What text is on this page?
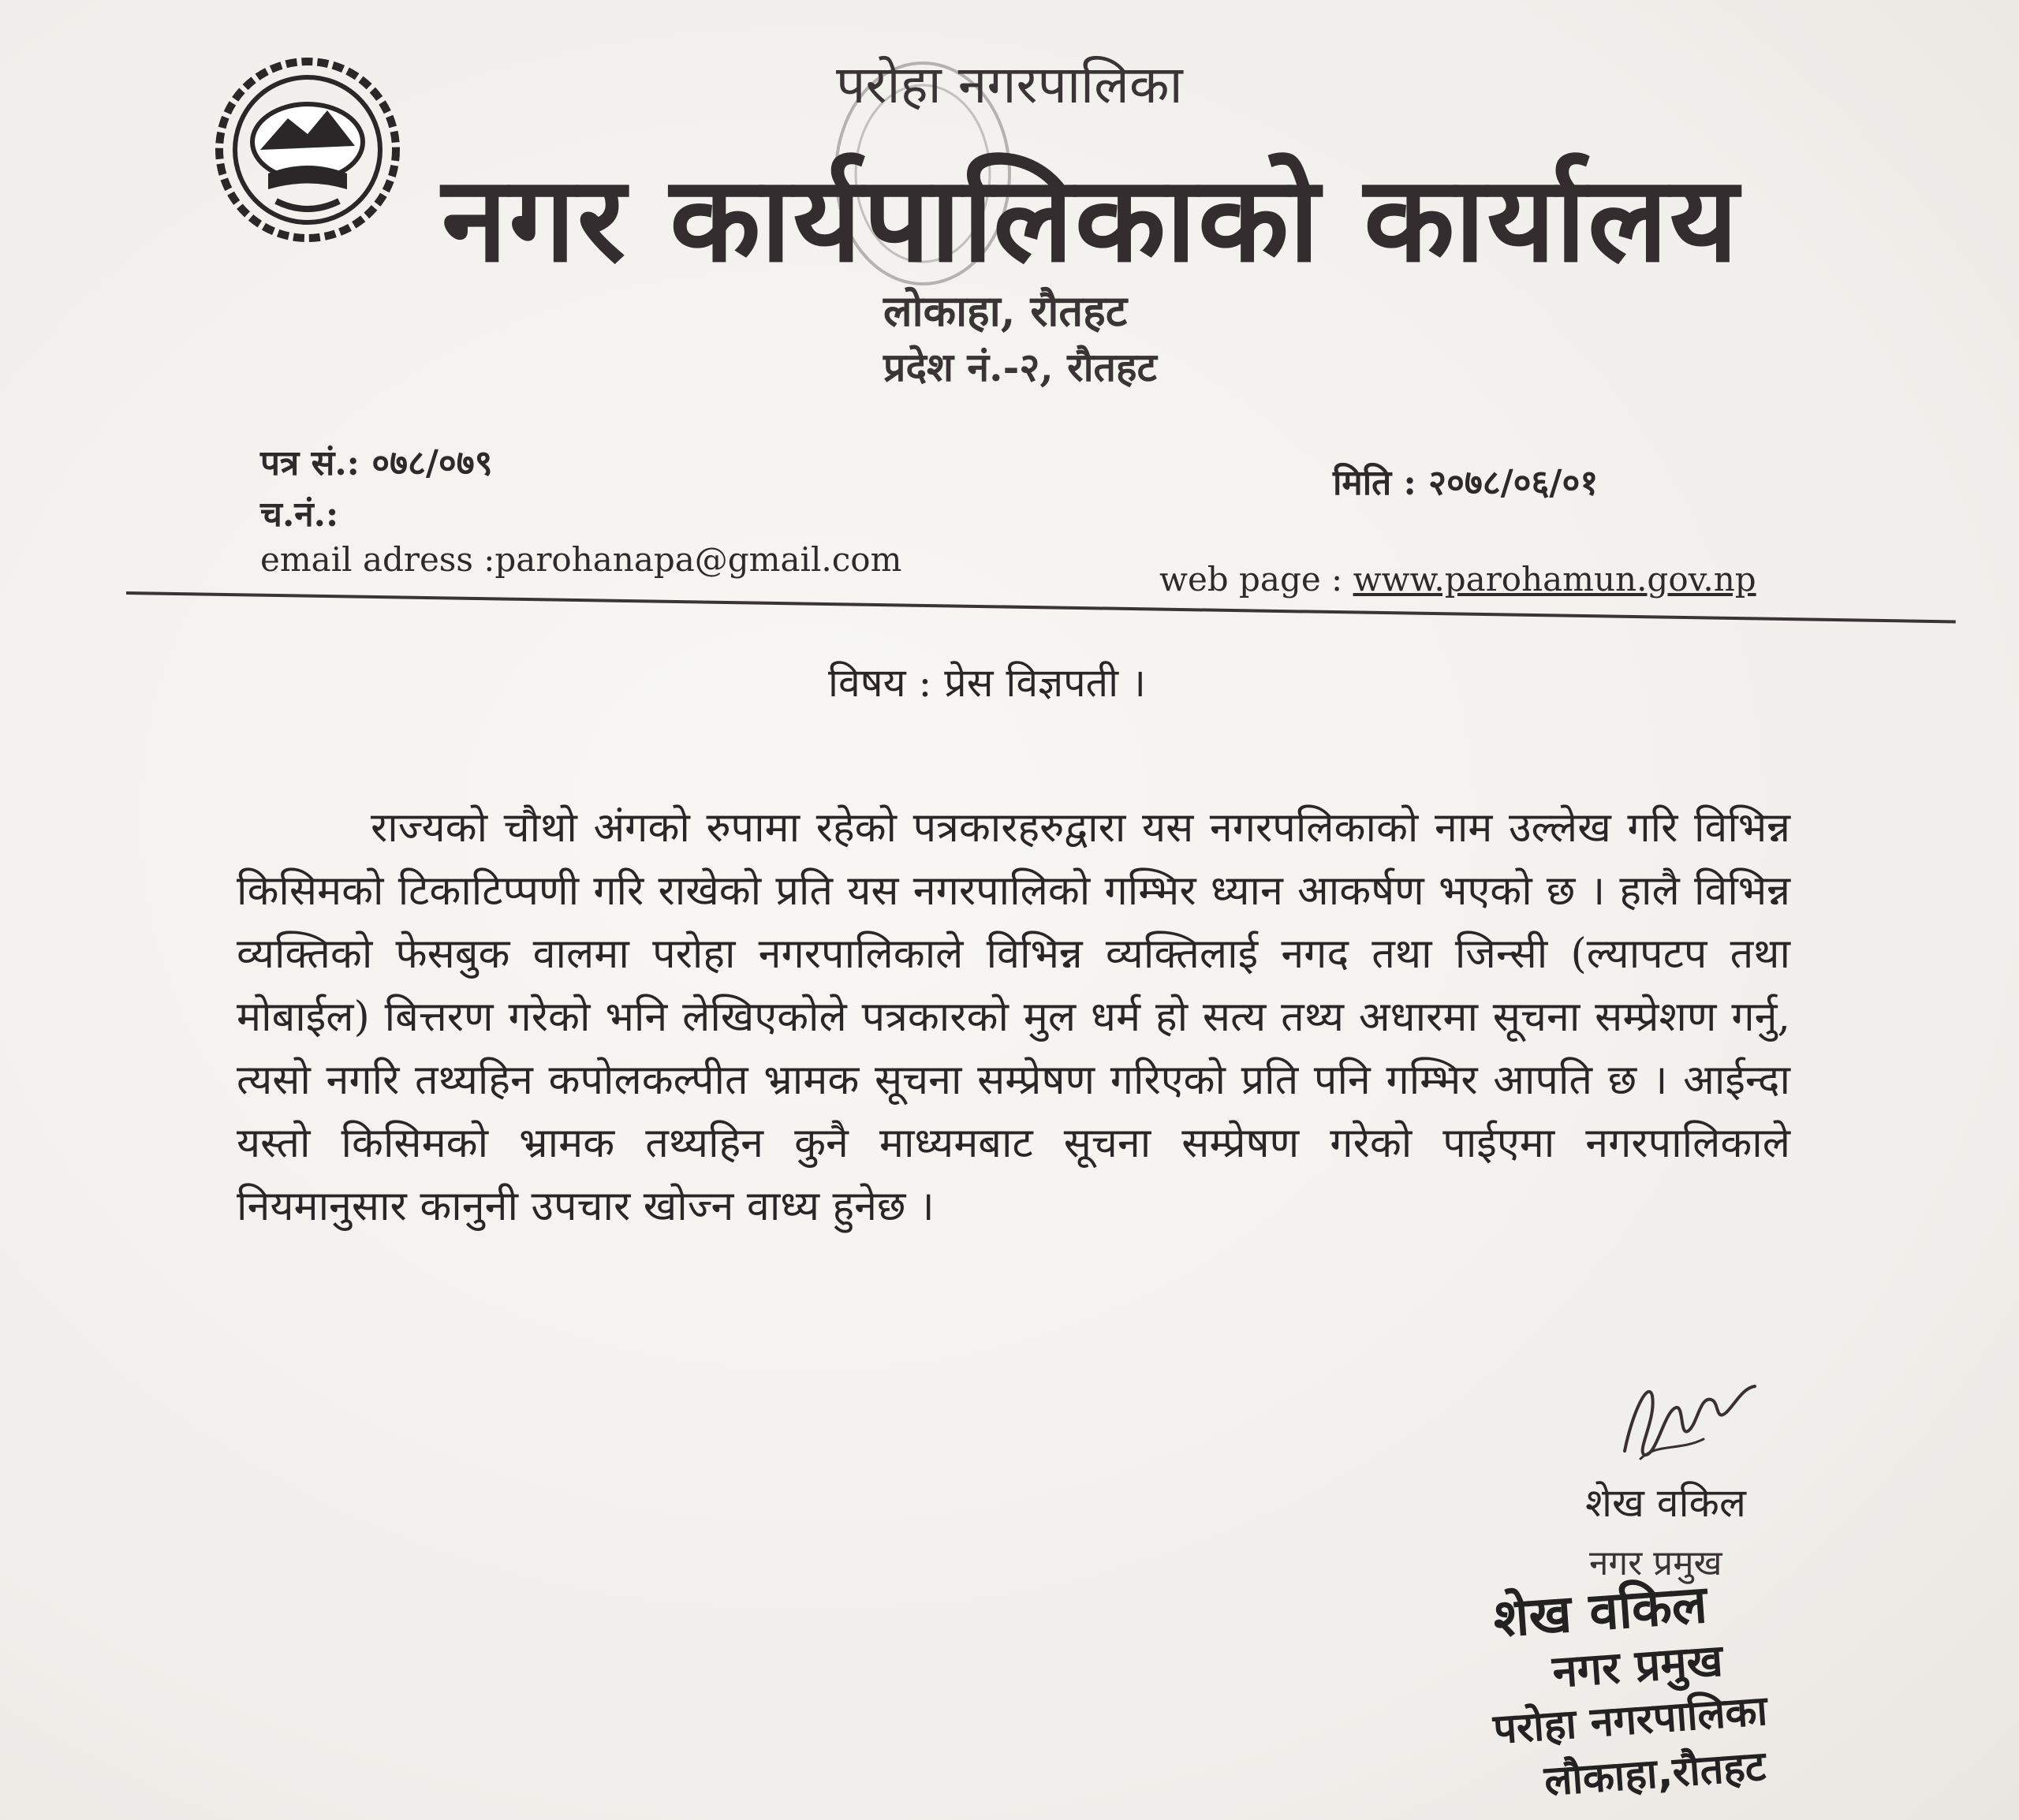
परोहा नगरपालिका
नगर कार्यपालिकाको कार्यालय
लोकाहा, रौतहट
प्रदेश नं.-२, रौतहट
पत्र सं.: ०७८/०७९
च.नं.:
email adress :parohanapa@gmail.com
मिति : २०७८/०६/०१
web page : www.parohamun.gov.np
विषय : प्रेस विज्ञपती ।
राज्यको चौथो अंगको रुपामा रहेको पत्रकारहरुद्वारा यस नगरपलिकाको नाम उल्लेख गरि विभिन्न किसिमको टिकाटिप्पणी गरि राखेको प्रति यस नगरपालिको गम्भिर ध्यान आकर्षण भएको छ । हालै विभिन्न व्यक्तिको फेसबुक वालमा परोहा नगरपालिकाले विभिन्न व्यक्तिलाई नगद तथा जिन्सी (ल्यापटप तथा मोबाईल) बित्तरण गरेको भनि लेखिएकोले पत्रकारको मुल धर्म हो सत्य तथ्य अधारमा सूचना सम्प्रेशण गर्नु, त्यसो नगरि तथ्यहिन कपोलकल्पीत भ्रामक सूचना सम्प्रेषण गरिएको प्रति पनि गम्भिर आपति छ । आईन्दा यस्तो किसिमको भ्रामक तथ्यहिन कुनै माध्यमबाट सूचना सम्प्रेषण गरेको पाईएमा नगरपालिकाले नियमानुसार कानुनी उपचार खोज्न वाध्य हुनेछ ।
शेख वकिल
नगर प्रमुख
शेख वकिल
नगर प्रमुख
परोहा नगरपालिका
लौकाहा,रौतहट
